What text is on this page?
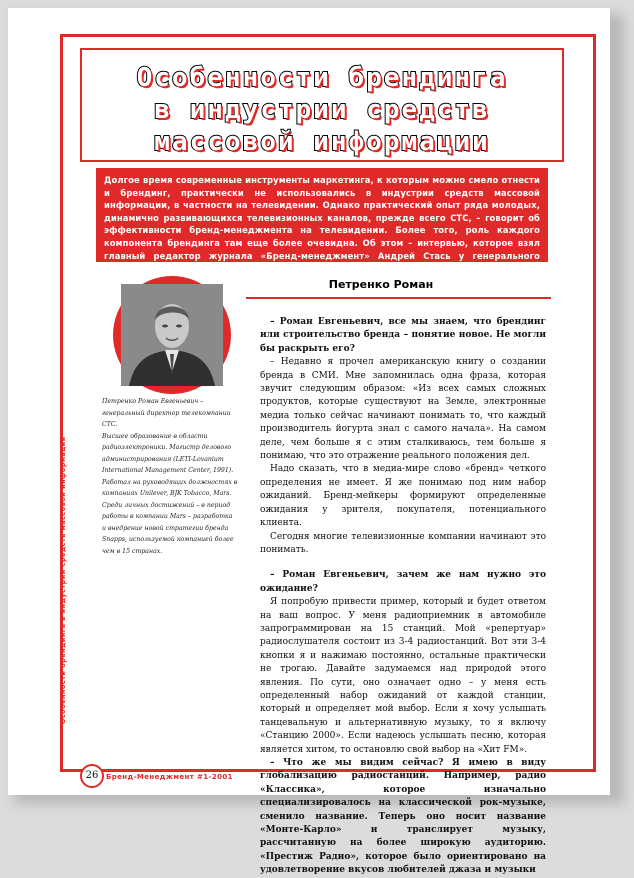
Особенности брендинга
в индустрии средств
массовой информации
Долгое время современные инструменты маркетинга, к которым можно смело отнести и брендинг, практически не использовались в индустрии средств массовой информации, в частности на телевидении. Однако практический опыт ряда молодых, динамично развивающихся телевизионных каналов, прежде всего СТС, – говорит об эффективности бренд-менеджмента на телевидении. Более того, роль каждого компонента брендинга там еще более очевидна. Об этом – интервью, которое взял главный редактор журнала «Бренд-менеджмент» Андрей Стась у генерального директора телеканала СТС Романа Петренко.
Петренко Роман

Петренко Роман Евгеньевич – генеральный директор телекомпании СТС.

Высшее образование в области радиоэлектроники. Магистр делового администрирования (LETI-Lovanium International Management Center, 1991).

Работал на руководящих должностях в компаниях Unilever, BJK Tobacco, Mars.

Среди личных достижений – в период работы в компании Mars – разработка и внедрение новой стратегии бренда Snapps, используемой компанией более чем в 15 странах.

– Роман Евгеньевич, все мы знаем, что брендинг или строительство бренда – понятие новое. Не могли бы раскрыть его?

– Недавно я прочел американскую книгу о создании бренда в СМИ. Мне запомнилась одна фраза, которая звучит следующим образом: «Из всех самых сложных продуктов, которые существуют на Земле, электронные медиа только сейчас начинают понимать то, что каждый производитель йогурта знал с самого начала». На самом деле, чем больше я с этим сталкиваюсь, тем больше я понимаю, что это отражение реального положения дел.

Надо сказать, что в медиа-мире слово «бренд» четкого определения не имеет. Я же понимаю под ним набор ожиданий. Бренд-мейкеры формируют определенные ожидания у зрителя, покупателя, потенциального клиента.

Сегодня многие телевизионные компании начинают это понимать.

– Роман Евгеньевич, зачем же нам нужно это ожидание?

Я попробую привести пример, который и будет ответом на ваш вопрос. У меня радиоприемник в автомобиле запрограммирован на 15 станций. Мой «репертуар» радиослушателя состоит из 3-4 радиостанций. Вот эти 3-4 кнопки я и нажимаю постоянно, остальные практически не трогаю. Давайте задумаемся над природой этого явления. По сути, оно означает одно – у меня есть определенный набор ожиданий от каждой станции, который и определяет мой выбор. Если я хочу услышать танцевальную и альтернативную музыку, то я включу «Станцию 2000». Если надеюсь услышать песню, которая является хитом, то остановлю свой выбор на «Хит FM».

– Что же мы видим сейчас? Я имею в виду глобализацию радиостанций. Например, радио «Классика», которое изначально специализировалось на классической рок-музыке, сменило название. Теперь оно носит название «Монте-Карло» и транслирует музыку, рассчитанную на более широкую аудиторию. «Престиж Радио», которое было ориентировано на удовлетворение вкусов любителей джаза и музыки

Особенности брендинга в индустрии средств массовой информации
26	Бренд-Менеджмент #1-2001
